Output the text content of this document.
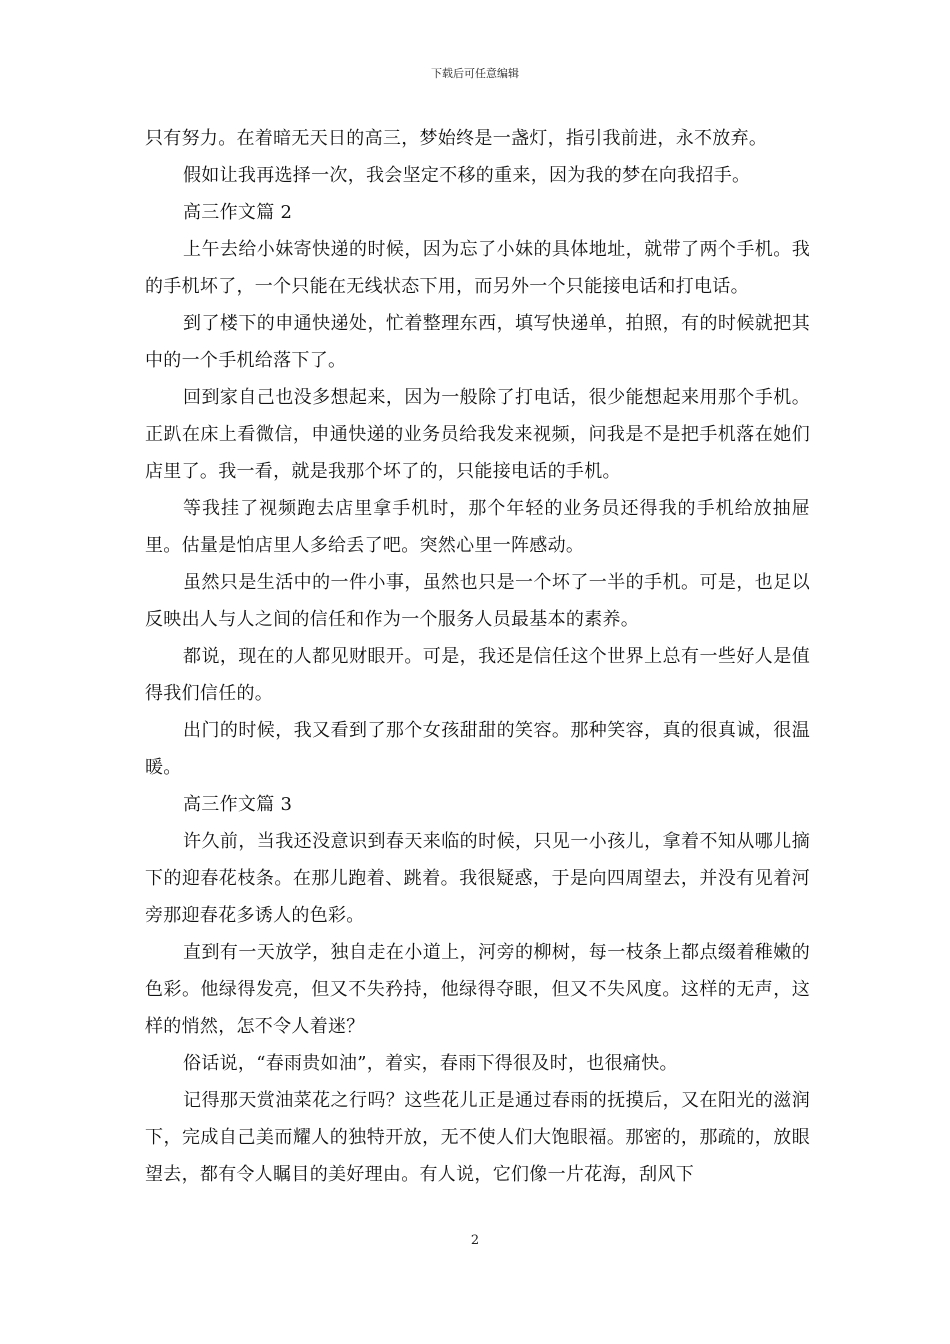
下载后可任意编辑

只有努力。在着暗无天日的高三，梦始终是一盏灯，指引我前进，永不放弃。

假如让我再选择一次，我会坚定不移的重来，因为我的梦在向我招手。

高三作文篇 2

上午去给小妹寄快递的时候，因为忘了小妹的具体地址，就带了两个手机。我的手机坏了，一个只能在无线状态下用，而另外一个只能接电话和打电话。

到了楼下的申通快递处，忙着整理东西，填写快递单，拍照，有的时候就把其中的一个手机给落下了。

回到家自己也没多想起来，因为一般除了打电话，很少能想起来用那个手机。正趴在床上看微信，申通快递的业务员给我发来视频，问我是不是把手机落在她们店里了。我一看，就是我那个坏了的，只能接电话的手机。

等我挂了视频跑去店里拿手机时，那个年轻的业务员还得我的手机给放抽屉里。估量是怕店里人多给丢了吧。突然心里一阵感动。

虽然只是生活中的一件小事，虽然也只是一个坏了一半的手机。可是，也足以反映出人与人之间的信任和作为一个服务人员最基本的素养。

都说，现在的人都见财眼开。可是，我还是信任这个世界上总有一些好人是值得我们信任的。

出门的时候，我又看到了那个女孩甜甜的笑容。那种笑容，真的很真诚，很温暖。

高三作文篇 3

许久前，当我还没意识到春天来临的时候，只见一小孩儿，拿着不知从哪儿摘下的迎春花枝条。在那儿跑着、跳着。我很疑惑，于是向四周望去，并没有见着河旁那迎春花多诱人的色彩。

直到有一天放学，独自走在小道上，河旁的柳树，每一枝条上都点缀着稚嫩的色彩。他绿得发亮，但又不失矜持，他绿得夺眼，但又不失风度。这样的无声，这样的悄然，怎不令人着迷？

俗话说，“春雨贵如油”，着实，春雨下得很及时，也很痛快。

记得那天赏油菜花之行吗？这些花儿正是通过春雨的抚摸后，又在阳光的滋润下，完成自己美而耀人的独特开放，无不使人们大饱眼福。那密的，那疏的，放眼望去，都有令人瞩目的美好理由。有人说，它们像一片花海，刮风下

2
